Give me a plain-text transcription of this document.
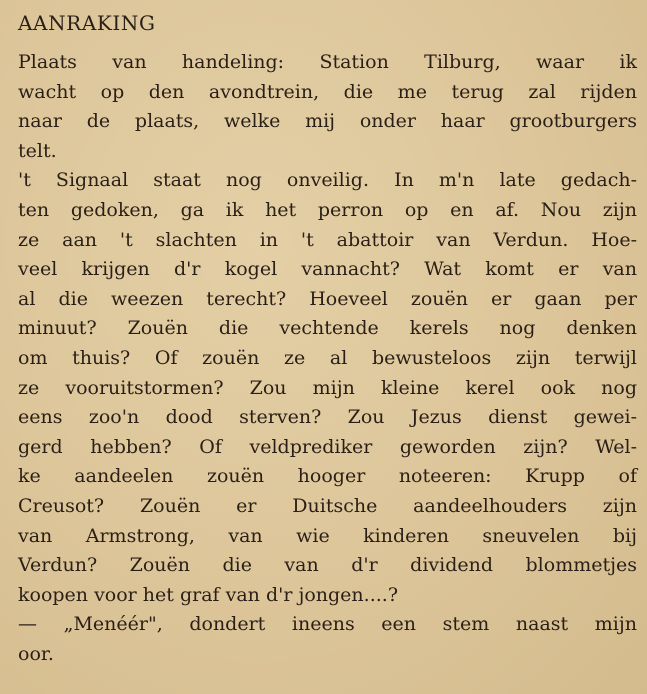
AANRAKING
Plaats van handeling: Station Tilburg, waar ik
wacht op den avondtrein, die me terug zal rijden
naar de plaats, welke mij onder haar grootburgers
telt.
't Signaal staat nog onveilig. In m'n late gedach-
ten gedoken, ga ik het perron op en af. Nou zijn
ze aan 't slachten in 't abattoir van Verdun. Hoe-
veel krijgen d'r kogel vannacht? Wat komt er van
al die weezen terecht? Hoeveel zouën er gaan per
minuut? Zouën die vechtende kerels nog denken
om thuis? Of zouën ze al bewusteloos zijn terwijl
ze vooruitstormen? Zou mijn kleine kerel ook nog
eens zoo'n dood sterven? Zou Jezus dienst gewei-
gerd hebben? Of veldprediker geworden zijn? Wel-
ke aandeelen zouën hooger noteeren: Krupp of
Creusot? Zouën er Duitsche aandeelhouders zijn
van Armstrong, van wie kinderen sneuvelen bij
Verdun? Zouën die van d'r dividend blommetjes
koopen voor het graf van d'r jongen....?
— „Menéér", dondert ineens een stem naast mijn
oor.
